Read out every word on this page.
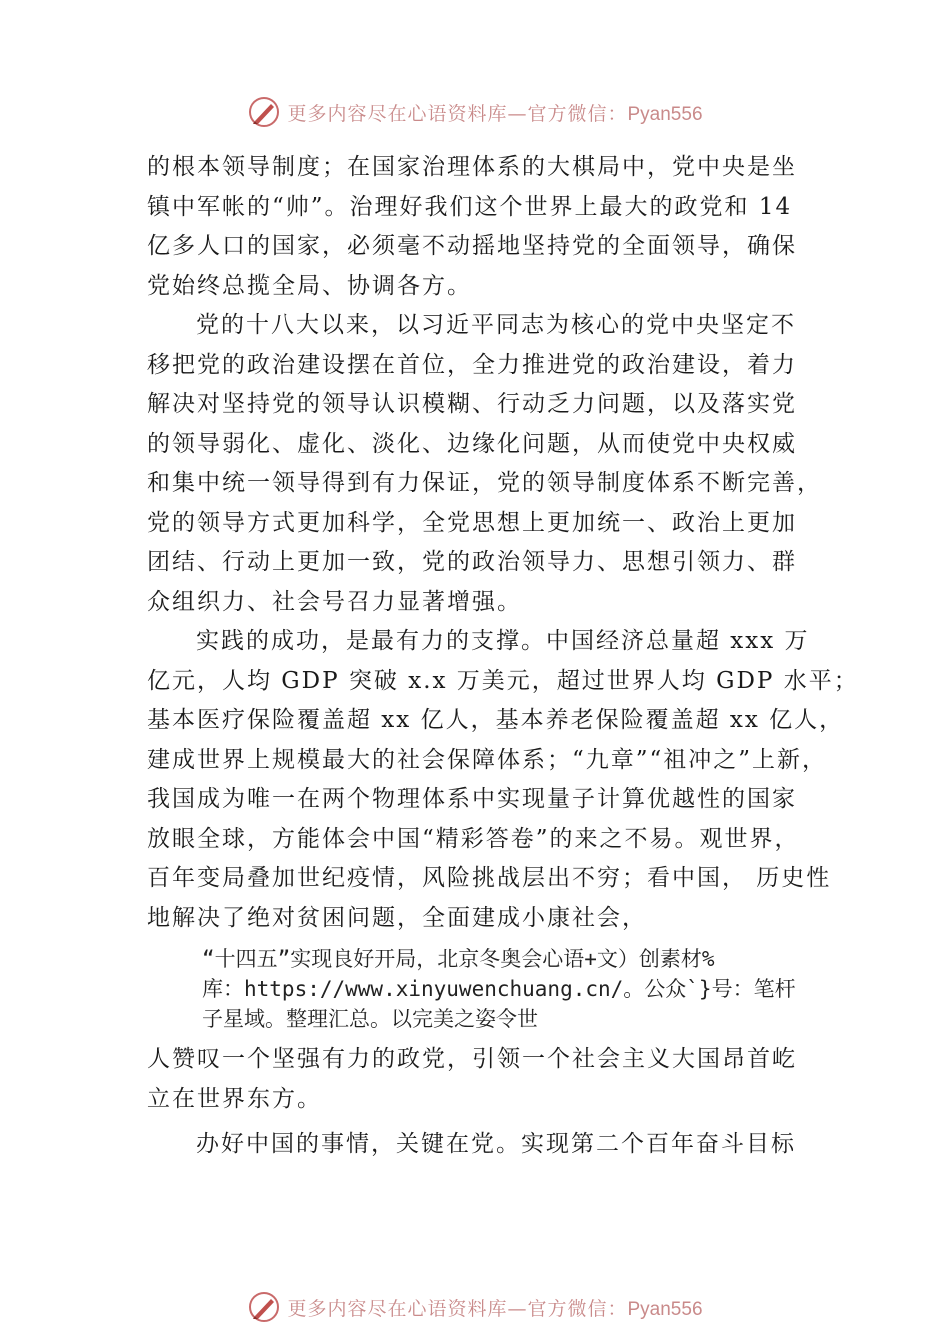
更多内容尽在心语资料库—官方微信：Pyan556
的根本领导制度；在国家治理体系的大棋局中，党中央是坐
镇中军帐的“帅”。治理好我们这个世界上最大的政党和 14
亿多人口的国家，必须毫不动摇地坚持党的全面领导，确保
党始终总揽全局、协调各方。
党的十八大以来，以习近平同志为核心的党中央坚定不
移把党的政治建设摆在首位，全力推进党的政治建设，着力
解决对坚持党的领导认识模糊、行动乏力问题，以及落实党
的领导弱化、虚化、淡化、边缘化问题，从而使党中央权威
和集中统一领导得到有力保证，党的领导制度体系不断完善，
党的领导方式更加科学，全党思想上更加统一、政治上更加
团结、行动上更加一致，党的政治领导力、思想引领力、群
众组织力、社会号召力显著增强。
实践的成功，是最有力的支撑。中国经济总量超 xxx 万
亿元，人均 GDP 突破 x.x 万美元，超过世界人均 GDP 水平；
基本医疗保险覆盖超 xx 亿人，基本养老保险覆盖超 xx 亿人，
建成世界上规模最大的社会保障体系；“九章”“祖冲之”上新，
我国成为唯一在两个物理体系中实现量子计算优越性的国家
放眼全球，方能体会中国“精彩答卷”的来之不易。观世界，
百年变局叠加世纪疫情，风险挑战层出不穷；看中国， 历史性
地解决了绝对贫困问题，全面建成小康社会，
“十四五”实现良好开局，北京冬奥会心语+文）创素材%
库：https://www.xinyuwenchuang.cn/。公众`}号：笔杆
子星域。整理汇总。以完美之姿令世
人赞叹一个坚强有力的政党，引领一个社会主义大国昂首屹
立在世界东方。
办好中国的事情，关键在党。实现第二个百年奋斗目标
更多内容尽在心语资料库—官方微信：Pyan556
